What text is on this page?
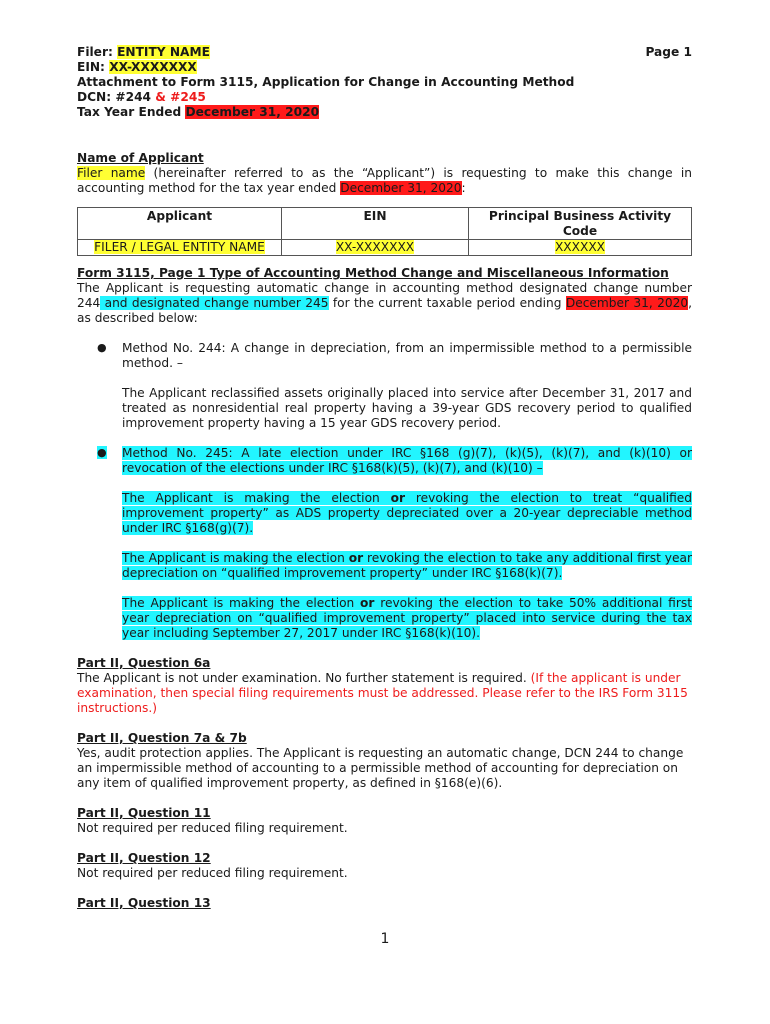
Filer: ENTITY NAME	Page 1
EIN: XX-XXXXXXX
Attachment to Form 3115, Application for Change in Accounting Method
DCN: #244 & #245
Tax Year Ended December 31, 2020
Name of Applicant

Filer name (hereinafter referred to as the “Applicant”) is requesting to make this change in accounting method for the tax year ended December 31, 2020:

Applicant	EIN	Principal Business Activity Code
FILER / LEGAL ENTITY NAME	XX-XXXXXXX	XXXXXX
Form 3115, Page 1 Type of Accounting Method Change and Miscellaneous Information

The Applicant is requesting automatic change in accounting method designated change number 244 and designated change number 245 for the current taxable period ending December 31, 2020, as described below:

● Method No. 244: A change in depreciation, from an impermissible method to a permissible method. –

The Applicant reclassified assets originally placed into service after December 31, 2017 and treated as nonresidential real property having a 39-year GDS recovery period to qualified improvement property having a 15 year GDS recovery period.

● Method No. 245: A late election under IRC §168 (g)(7), (k)(5), (k)(7), and (k)(10) or revocation of the elections under IRC §168(k)(5), (k)(7), and (k)(10) –

The Applicant is making the election or revoking the election to treat “qualified improvement property” as ADS property depreciated over a 20-year depreciable method under IRC §168(g)(7).

The Applicant is making the election or revoking the election to take any additional first year depreciation on “qualified improvement property” under IRC §168(k)(7).

The Applicant is making the election or revoking the election to take 50% additional first year depreciation on “qualified improvement property” placed into service during the tax year including September 27, 2017 under IRC §168(k)(10).

Part II, Question 6a

The Applicant is not under examination. No further statement is required. (If the applicant is under examination, then special filing requirements must be addressed. Please refer to the IRS Form 3115 instructions.)

Part II, Question 7a & 7b

Yes, audit protection applies. The Applicant is requesting an automatic change, DCN 244 to change an impermissible method of accounting to a permissible method of accounting for depreciation on any item of qualified improvement property, as defined in §168(e)(6).

Part II, Question 11

Not required per reduced filing requirement.

Part II, Question 12

Not required per reduced filing requirement.

Part II, Question 13
1
